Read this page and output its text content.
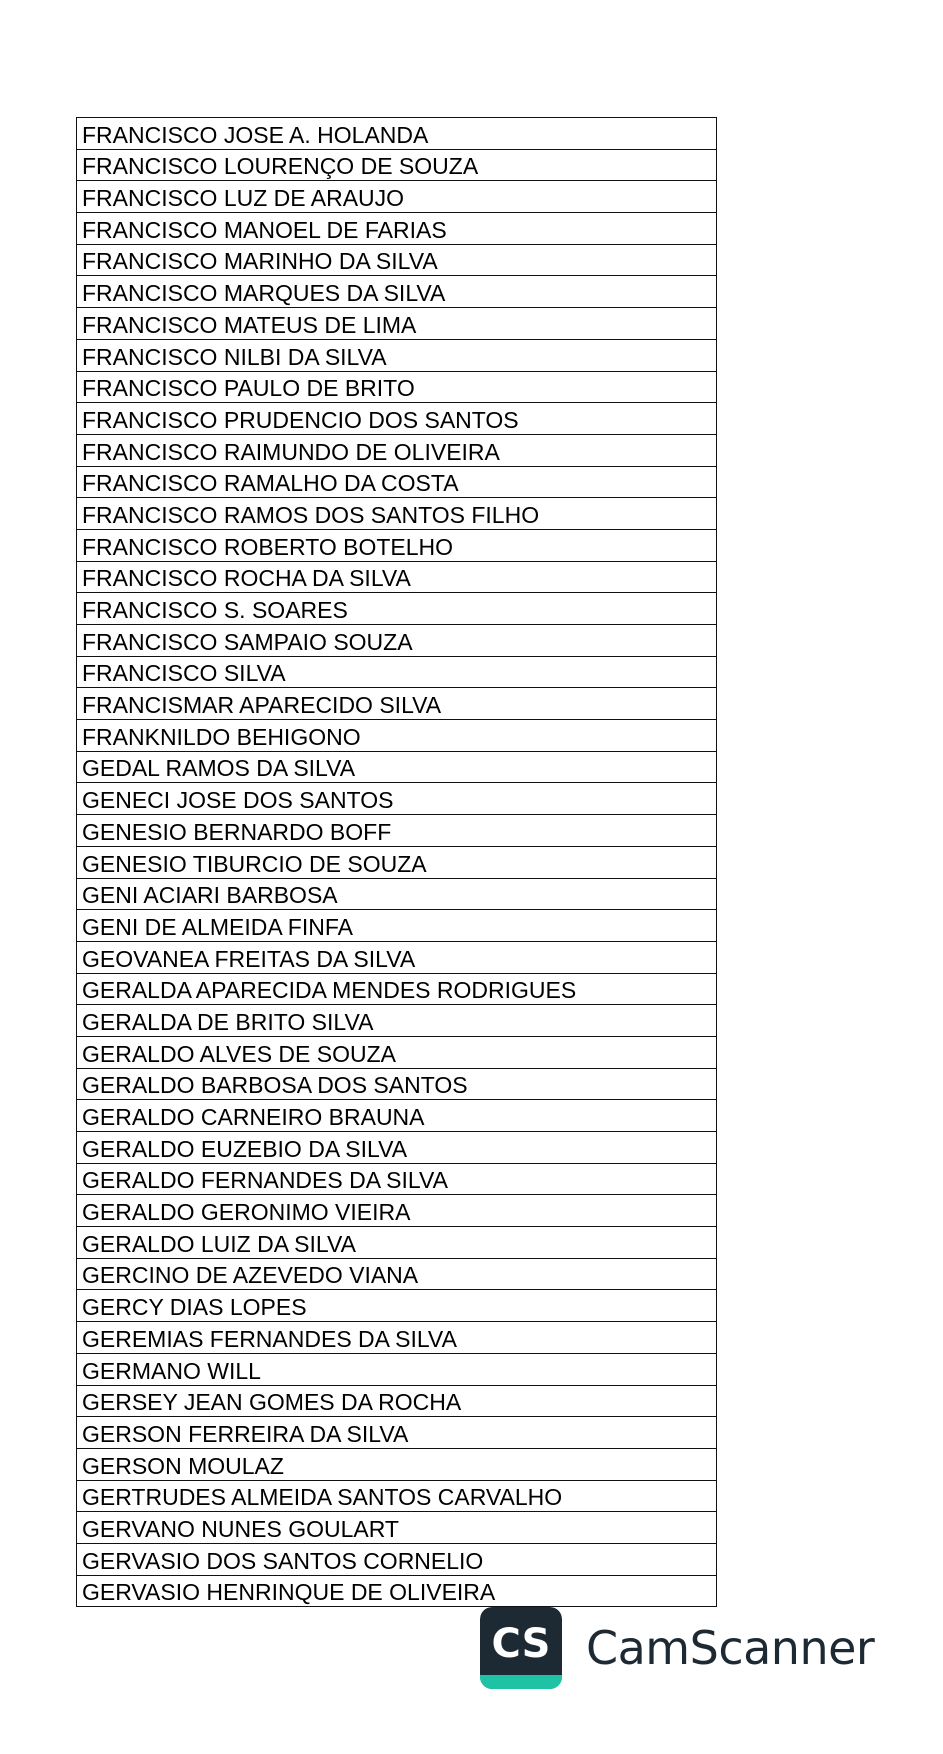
FRANCISCO JOSE A. HOLANDA
FRANCISCO LOURENÇO DE SOUZA
FRANCISCO LUZ DE ARAUJO
FRANCISCO MANOEL DE FARIAS
FRANCISCO MARINHO DA SILVA
FRANCISCO MARQUES DA SILVA
FRANCISCO MATEUS DE LIMA
FRANCISCO NILBI DA SILVA
FRANCISCO PAULO DE BRITO
FRANCISCO PRUDENCIO DOS SANTOS
FRANCISCO RAIMUNDO DE OLIVEIRA
FRANCISCO RAMALHO DA COSTA
FRANCISCO RAMOS DOS SANTOS FILHO
FRANCISCO ROBERTO BOTELHO
FRANCISCO ROCHA DA SILVA
FRANCISCO S. SOARES
FRANCISCO SAMPAIO SOUZA
FRANCISCO SILVA
FRANCISMAR APARECIDO SILVA
FRANKNILDO BEHIGONO
GEDAL RAMOS DA SILVA
GENECI JOSE DOS SANTOS
GENESIO BERNARDO BOFF
GENESIO TIBURCIO DE SOUZA
GENI ACIARI BARBOSA
GENI DE ALMEIDA FINFA
GEOVANEA FREITAS DA SILVA
GERALDA APARECIDA MENDES RODRIGUES
GERALDA DE BRITO SILVA
GERALDO ALVES DE SOUZA
GERALDO BARBOSA DOS SANTOS
GERALDO CARNEIRO BRAUNA
GERALDO EUZEBIO DA SILVA
GERALDO FERNANDES DA SILVA
GERALDO GERONIMO VIEIRA
GERALDO LUIZ DA SILVA
GERCINO DE AZEVEDO VIANA
GERCY DIAS LOPES
GEREMIAS FERNANDES DA SILVA
GERMANO WILL
GERSEY JEAN GOMES DA ROCHA
GERSON FERREIRA DA SILVA
GERSON MOULAZ
GERTRUDES ALMEIDA SANTOS CARVALHO
GERVANO NUNES GOULART
GERVASIO DOS SANTOS CORNELIO
GERVASIO HENRINQUE DE OLIVEIRA
CS CamScanner
